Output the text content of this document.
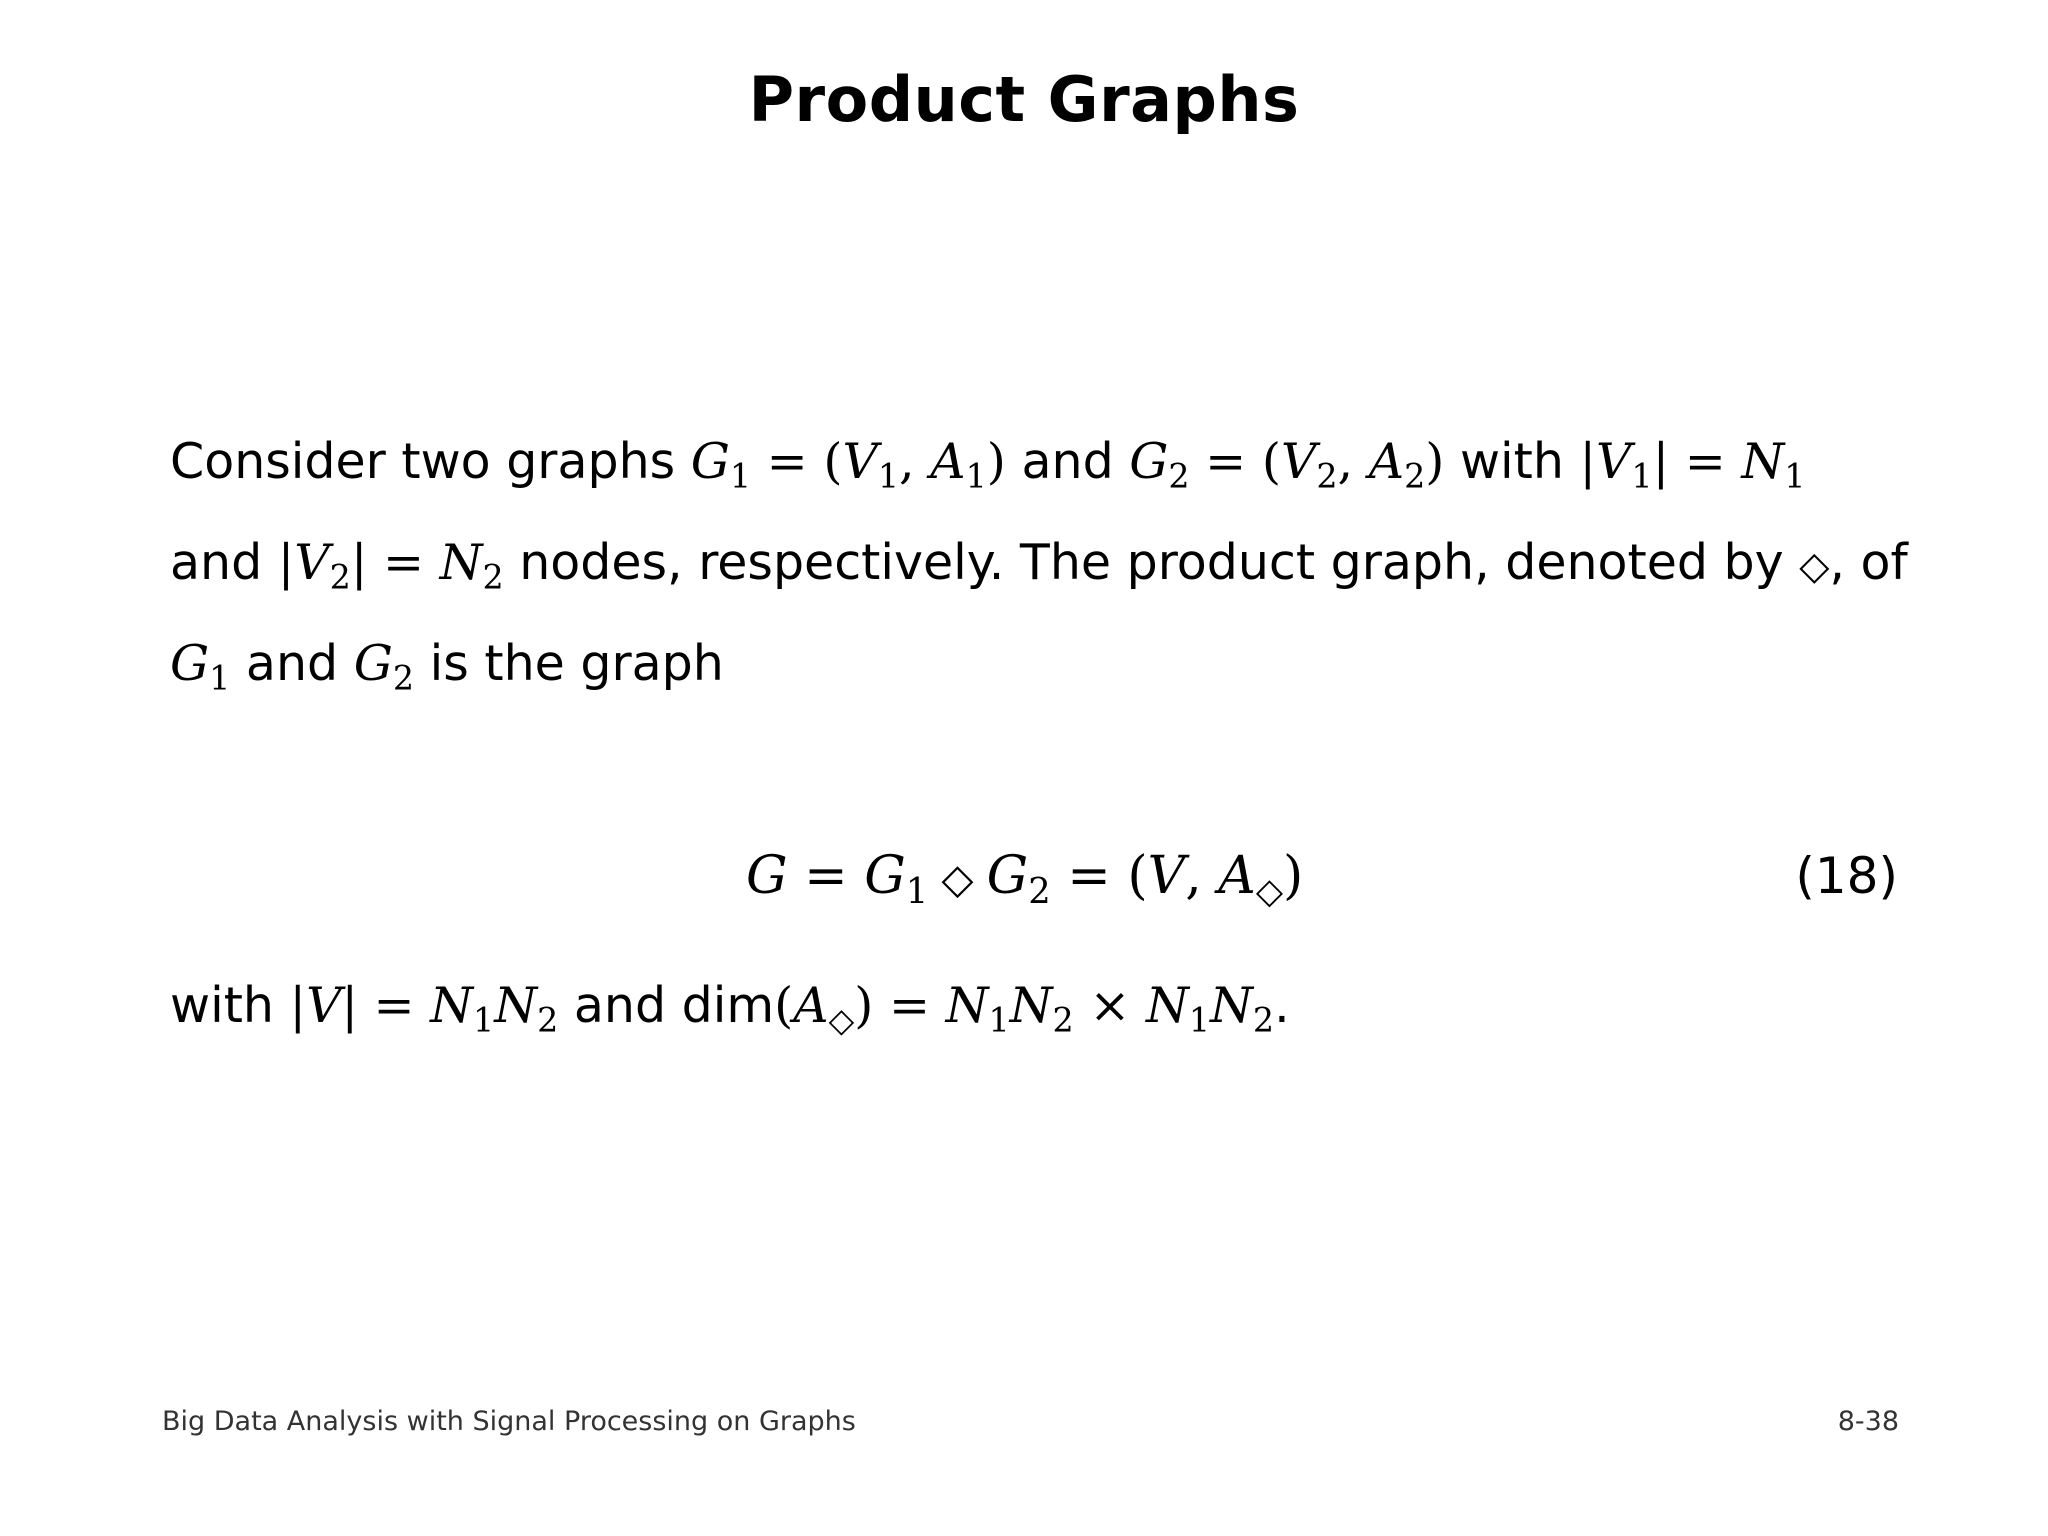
Product Graphs
Consider two graphs $G_1 = (V_1$, $A_1$) and $G_2 = (V_2$, $A_2$) with $|V_1| = N_1$
and $|V_2| = N_2$ nodes, respectively. The product graph, denoted by ◇, of
$G_1$ and $G_2$ is the graph
$G = G_1$ ◇ $G_2 = (V$, $A_◇$)	(18)
with $|V| = N_1N_2$ and $dim(A_◇) = N_1N_2 \times N_1N_2$.
Big Data Analysis with Signal Processing on Graphs	8-38
